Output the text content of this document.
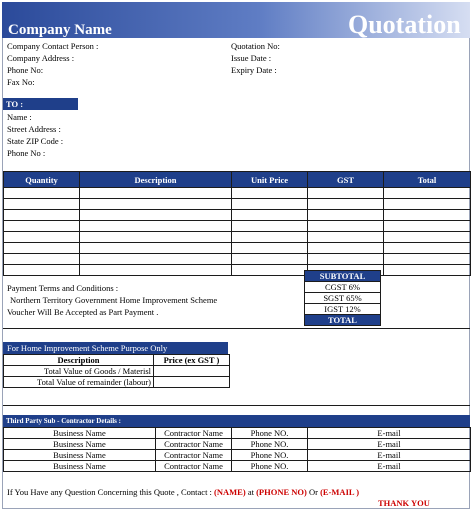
Company Name	Quotation
Company Contact Person :
Company Address :
Phone No:
Fax No:
Quotation No:
Issue Date :
Expiry Date :
TO :
Name :
Street Address :
State ZIP Code :
Phone No :
Quantity	Description	Unit Price	GST	Total

Payment Terms and Conditions :
Northern Territory Government Home Improvement Scheme
Voucher Will Be Accepted as Part Payment .
SUBTOTAL
CGST 6%
SGST 65%
IGST 12%
TOTAL
For Home Improvement Scheme Purpose Only
Description	Price (ex GST )
Total Value of Goods / Materisl	
Total Value of remainder (labour)	
Third Party Sub - Contractor Details :
Business Name	Contractor Name	Phone NO.	E-mail
Business Name	Contractor Name	Phone NO.	E-mail
Business Name	Contractor Name	Phone NO.	E-mail
Business Name	Contractor Name	Phone NO.	E-mail
If You Have any Question Concerning this Quote , Contact : (NAME) at (PHONE NO) Or (E-MAIL )
THANK YOU
